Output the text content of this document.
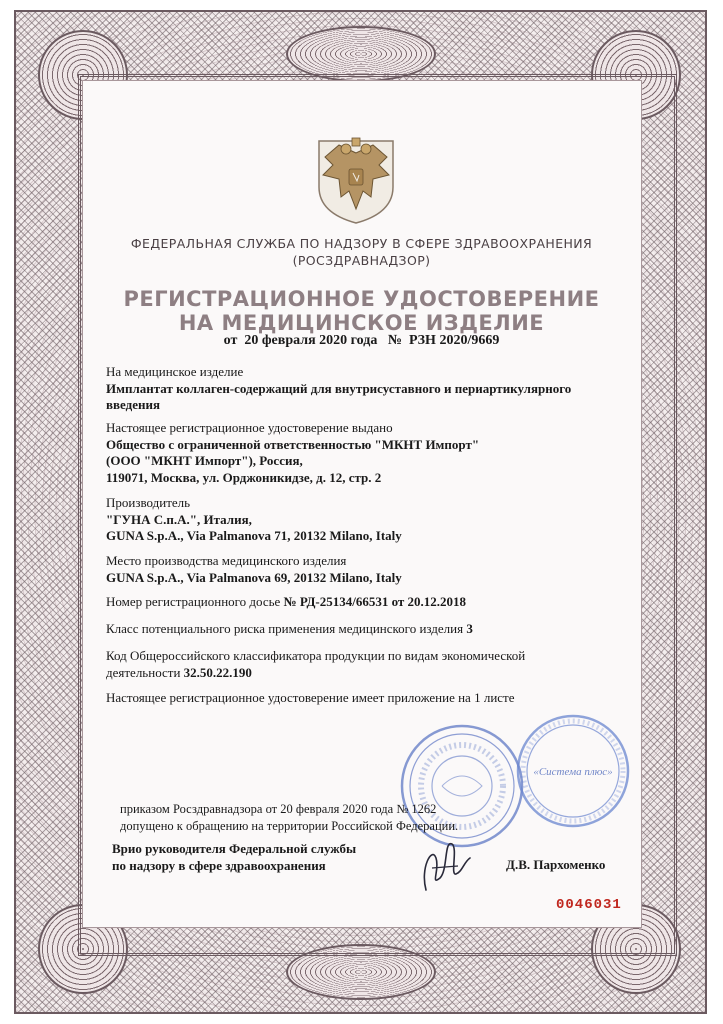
ФЕДЕРАЛЬНАЯ СЛУЖБА ПО НАДЗОРУ В СФЕРЕ ЗДРАВООХРАНЕНИЯ
(РОСЗДРАВНАДЗОР)
РЕГИСТРАЦИОННОЕ УДОСТОВЕРЕНИЕ
НА МЕДИЦИНСКОЕ ИЗДЕЛИЕ
от 20 февраля 2020 года № РЗН 2020/9669
На медицинское изделие
Имплантат коллаген-содержащий для внутрисуставного и периартикулярного
введения
Настоящее регистрационное удостоверение выдано
Общество с ограниченной ответственностью "МКНТ Импорт"
(ООО "МКНТ Импорт"), Россия,
119071, Москва, ул. Орджоникидзе, д. 12, стр. 2
Производитель
"ГУНА С.п.А.", Италия,
GUNA S.p.A., Via Palmanova 71, 20132 Milano, Italy
Место производства медицинского изделия
GUNA S.p.A., Via Palmanova 69, 20132 Milano, Italy
Номер регистрационного досье № РД-25134/66531 от 20.12.2018
Класс потенциального риска применения медицинского изделия 3
Код Общероссийского классификатора продукции по видам экономической
деятельности 32.50.22.190
Настоящее регистрационное удостоверение имеет приложение на 1 листе
«Система плюс»
приказом Росздравнадзора от 20 февраля 2020 года № 1262
допущено к обращению на территории Российской Федерации.
Врио руководителя Федеральной службы
по надзору в сфере здравоохранения	Д.В. Пархоменко
0046031
